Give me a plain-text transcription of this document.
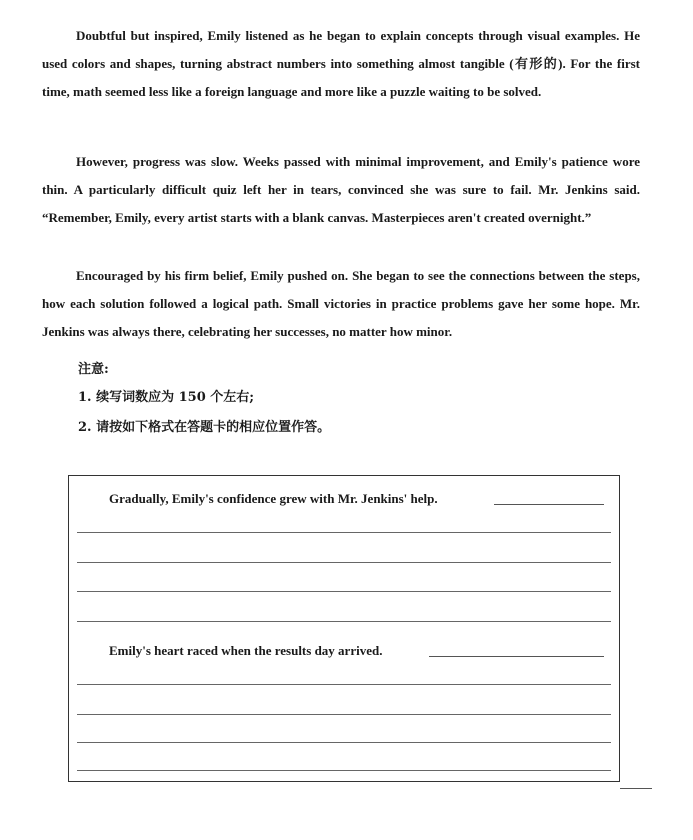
Doubtful but inspired, Emily listened as he began to explain concepts through visual examples. He used colors and shapes, turning abstract numbers into something almost tangible (有形的). For the first time, math seemed less like a foreign language and more like a puzzle waiting to be solved.

However, progress was slow. Weeks passed with minimal improvement, and Emily's patience wore thin. A particularly difficult quiz left her in tears, convinced she was sure to fail. Mr. Jenkins said. “Remember, Emily, every artist starts with a blank canvas. Masterpieces aren't created overnight.”

Encouraged by his firm belief, Emily pushed on. She began to see the connections between the steps, how each solution followed a logical path. Small victories in practice problems gave her some hope. Mr. Jenkins was always there, celebrating her successes, no matter how minor.

注意:
1. 续写词数应为 150 个左右;
2. 请按如下格式在答题卡的相应位置作答。
Gradually, Emily's confidence grew with Mr. Jenkins' help.
Emily's heart raced when the results day arrived.
